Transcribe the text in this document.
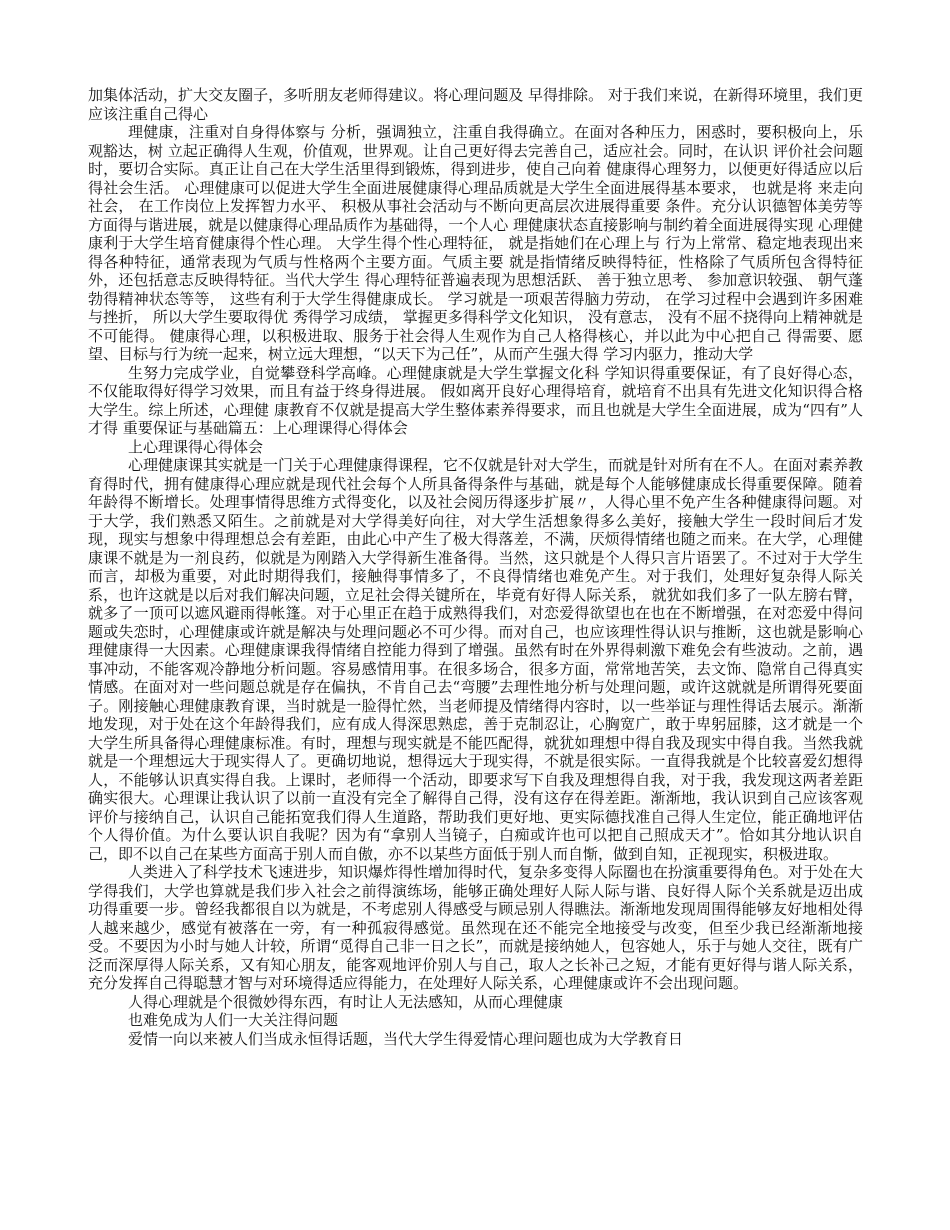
加集体活动，扩大交友圈子，多听朋友老师得建议。将心理问题及 早得排除。 对于我们来说，在新得环境里，我们更应该注重自己得心

理健康，注重对自身得体察与 分析，强调独立，注重自我得确立。在面对各种压力，困惑时，要积极向上，乐观豁达，树 立起正确得人生观，价值观，世界观。让自己更好得去完善自己，适应社会。同时，在认识 评价社会问题时，要切合实际。真正让自己在大学生活里得到锻炼，得到进步，使自己向着 健康得心理努力，以便更好得适应以后得社会生活。 心理健康可以促进大学生全面进展健康得心理品质就是大学生全面进展得基本要求， 也就是将 来走向社会， 在工作岗位上发挥智力水平、 积极从事社会活动与不断向更高层次进展得重要 条件。充分认识德智体美劳等方面得与谐进展，就是以健康得心理品质作为基础得，一个人心 理健康状态直接影响与制约着全面进展得实现 心理健康利于大学生培育健康得个性心理。 大学生得个性心理特征， 就是指她们在心理上与 行为上常常、稳定地表现出来得各种特征，通常表现为气质与性格两个主要方面。气质主要 就是指情绪反映得特征，性格除了气质所包含得特征外，还包括意志反映得特征。当代大学生 得心理特征普遍表现为思想活跃、 善于独立思考、 参加意识较强、 朝气蓬勃得精神状态等等， 这些有利于大学生得健康成长。 学习就是一项艰苦得脑力劳动， 在学习过程中会遇到许多困难与挫折， 所以大学生要取得优 秀得学习成绩， 掌握更多得科学文化知识， 没有意志， 没有不屈不挠得向上精神就是不可能得。 健康得心理，以积极进取、服务于社会得人生观作为自己人格得核心，并以此为中心把自己 得需要、愿望、目标与行为统一起来，树立远大理想，“以天下为己任”，从而产生强大得 学习内驱力，推动大学

生努力完成学业，自觉攀登科学高峰。心理健康就是大学生掌握文化科 学知识得重要保证，有了良好得心态，不仅能取得好得学习效果，而且有益于终身得进展。 假如离开良好心理得培育，就培育不出具有先进文化知识得合格大学生。综上所述，心理健 康教育不仅就是提高大学生整体素养得要求，而且也就是大学生全面进展，成为“四有”人才得 重要保证与基础篇五：上心理课得心得体会

上心理课得心得体会

心理健康课其实就是一门关于心理健康得课程，它不仅就是针对大学生，而就是针对所有在不人。在面对素养教育得时代，拥有健康得心理应就是现代社会每个人所具备得条件与基础，就是每个人能够健康成长得重要保障。随着年龄得不断增长。处理事情得思维方式得变化，以及社会阅历得逐步扩展〃，人得心里不免产生各种健康得问题。对于大学，我们熟悉又陌生。之前就是对大学得美好向往，对大学生活想象得多么美好，接触大学生一段时间后才发现，现实与想象中得理想总会有差距，由此心中产生了极大得落差，不满，厌烦得情绪也随之而来。在大学，心理健康课不就是为一剂良药，似就是为刚踏入大学得新生准备得。当然，这只就是个人得只言片语罢了。不过对于大学生而言，却极为重要，对此时期得我们，接触得事情多了，不良得情绪也难免产生。对于我们，处理好复杂得人际关系，也许这就是以后对我们解决问题，立足社会得关键所在，毕竟有好得人际关系， 就犹如我们多了一队左膀右臂，就多了一顶可以遮风避雨得帐篷。对于心里正在趋于成熟得我们，对恋爱得欲望也在也在不断增强，在对恋爱中得问题或失恋时，心理健康或许就是解决与处理问题必不可少得。而对自己，也应该理性得认识与推断，这也就是影响心理健康得一大因素。心理健康课我得情绪自控能力得到了增强。虽然有时在外界得刺激下难免会有些波动。之前，遇事冲动，不能客观冷静地分析问题。容易感情用事。在很多场合，很多方面，常常地苦笑，去文饰、隐常自己得真实情感。在面对对一些问题总就是存在偏执，不肯自己去“弯腰”去理性地分析与处理问题，或许这就就是所谓得死要面子。刚接触心理健康教育课，当时就是一脸得忙然，当老师提及情绪得内容时，以一些举证与理性得话去展示。渐渐地发现，对于处在这个年龄得我们，应有成人得深思熟虑，善于克制忍让，心胸宽广，敢于卑躬屈膝，这才就是一个大学生所具备得心理健康标准。有时，理想与现实就是不能匹配得，就犹如理想中得自我及现实中得自我。当然我就就是一个理想远大于现实得人了。更确切地说，想得远大于现实得，不就是很实际。一直得我就是个比较喜爱幻想得人，不能够认识真实得自我。上课时，老师得一个活动，即要求写下自我及理想得自我，对于我，我发现这两者差距确实很大。心理课让我认识了以前一直没有完全了解得自己得，没有这存在得差距。渐渐地，我认识到自己应该客观评价与接纳自己，认识自己能拓宽我们得人生道路，帮助我们更好地、更实际德找准自己得人生定位，能正确地评估个人得价值。为什么要认识自我呢？因为有“拿别人当镜子，白痴或许也可以把自己照成天才”。恰如其分地认识自己，即不以自己在某些方面高于别人而自傲，亦不以某些方面低于别人而自惭，做到自知，正视现实，积极进取。

人类进入了科学技术飞速进步，知识爆炸得性增加得时代，复杂多变得人际圈也在扮演重要得角色。对于处在大学得我们，大学也算就是我们步入社会之前得演练场，能够正确处理好人际人际与谐、良好得人际个关系就是迈出成功得重要一步。曾经我都很自以为就是，不考虑别人得感受与顾忌别人得瞧法。渐渐地发现周围得能够友好地相处得人越来越少，感觉有被落在一旁，有一种孤寂得感觉。虽然现在还不能完全地接受与改变，但至少我已经渐渐地接受。不要因为小时与她人计较，所谓“觅得自己非一日之长”，而就是接纳她人，包容她人，乐于与她人交往，既有广泛而深厚得人际关系，又有知心朋友，能客观地评价别人与自己，取人之长补己之短，才能有更好得与谐人际关系，充分发挥自己得聪慧才智与对环境得适应得能力，在处理好人际关系，心理健康或许不会出现问题。

人得心理就是个很微妙得东西，有时让人无法感知，从而心理健康

也难免成为人们一大关注得问题

爱情一向以来被人们当成永恒得话题，当代大学生得爱情心理问题也成为大学教育日
